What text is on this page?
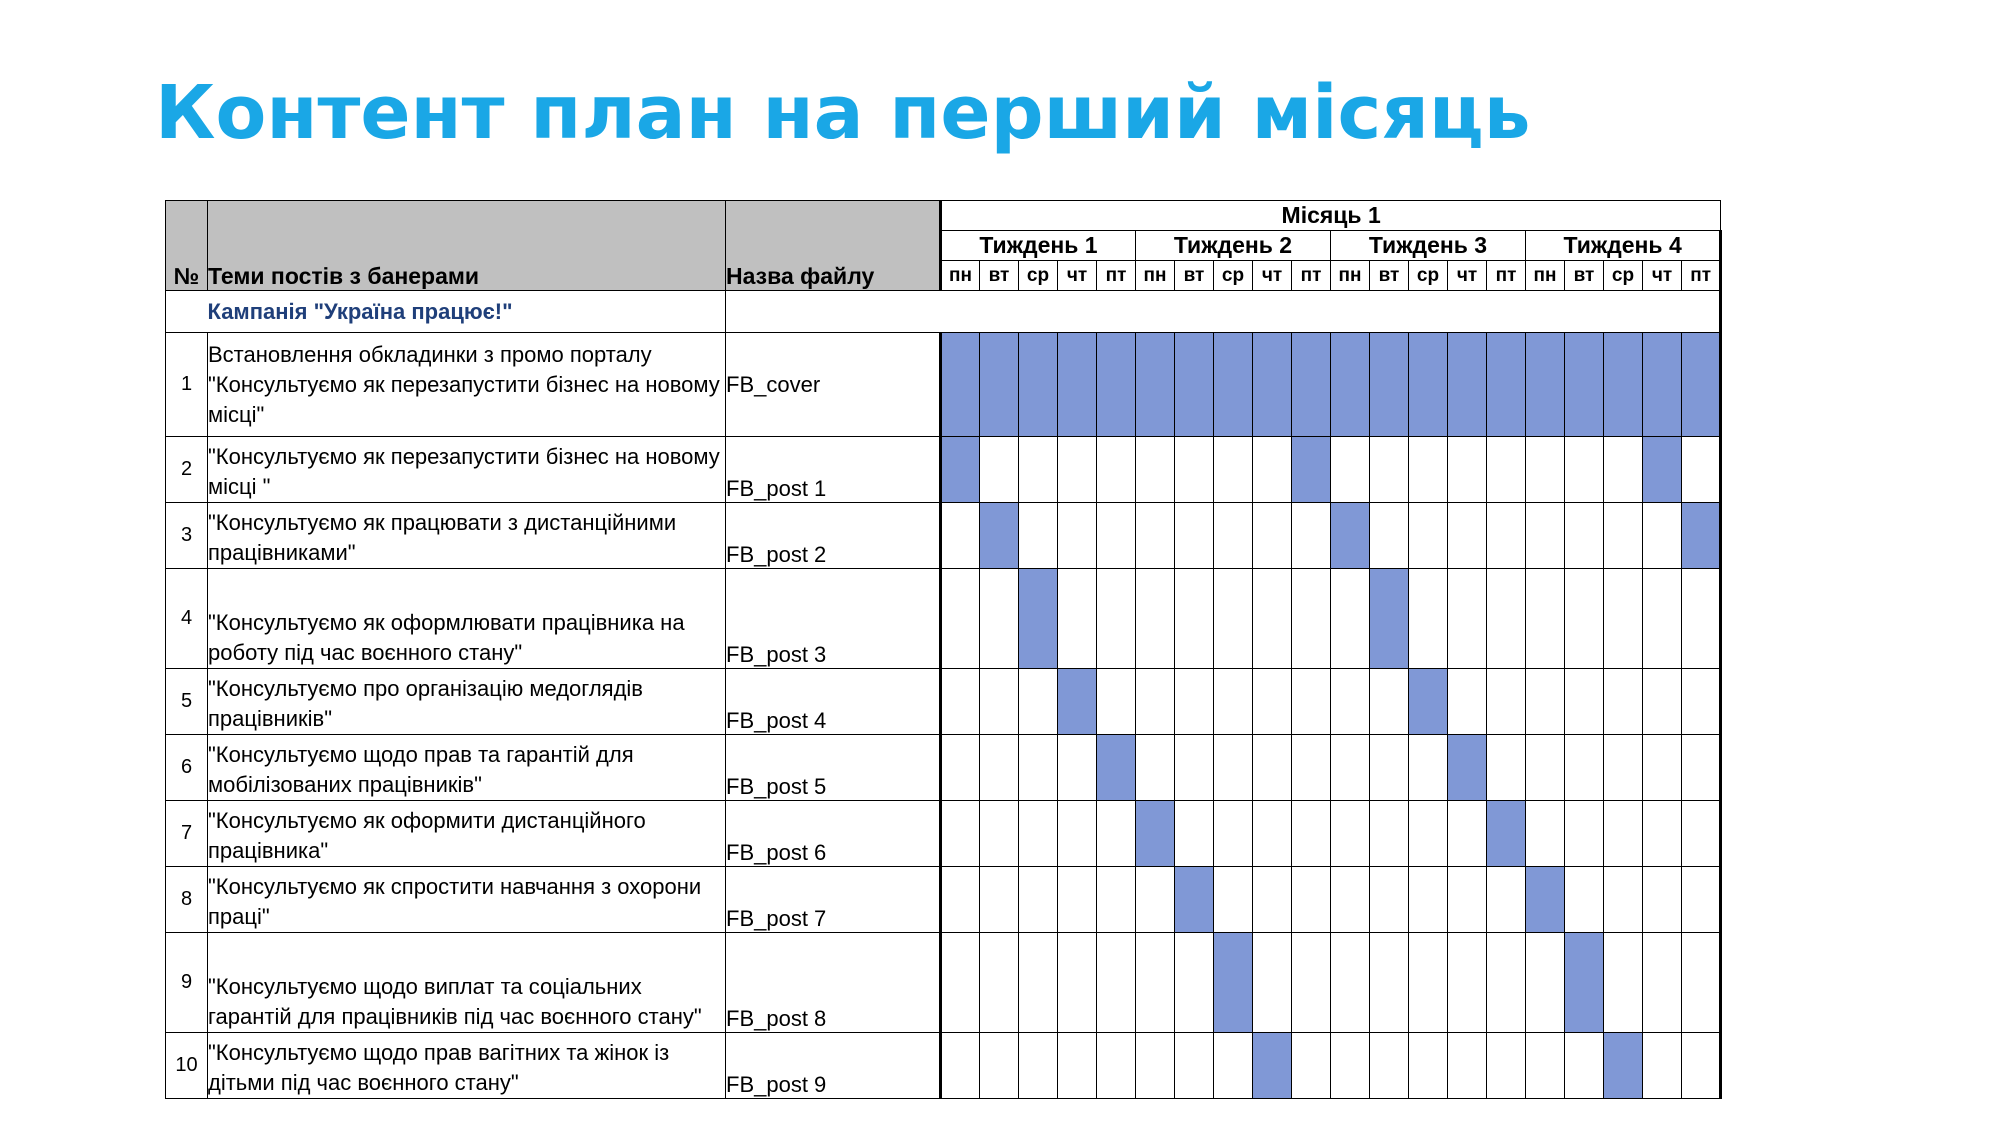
Контент план на перший місяць
№	Теми постів з банерами	Назва файлу	Місяць 1																			
			Тиждень 1					Тиждень 2					Тиждень 3					Тиждень 4				
			пн	вт	ср	чт	пт	пн	вт	ср	чт	пт	пн	вт	ср	чт	пт	пн	вт	ср	чт	пт
	Кампанія "Україна працює!"																					
1	Встановлення обкладинки з промо порталу "Консультуємо як перезапустити бізнес на новому місці"	FB_cover																				
2	"Консультуємо як перезапустити бізнес на новому місці "	FB_post 1																				
3	"Консультуємо як працювати з дистанційними працівниками"	FB_post 2																				
4	"Консультуємо як оформлювати працівника на роботу під час воєнного стану"	FB_post 3																				
5	"Консультуємо про організацію медоглядів працівників"	FB_post 4																				
6	"Консультуємо щодо прав та гарантій для мобілізованих працівників"	FB_post 5																				
7	"Консультуємо як оформити дистанційного працівника"	FB_post 6																				
8	"Консультуємо як спростити навчання з охорони праці"	FB_post 7																				
9	"Консультуємо щодо виплат та соціальних гарантій для працівників під час воєнного стану"	FB_post 8																				
10	"Консультуємо щодо прав вагітних та жінок із дітьми під час воєнного стану"	FB_post 9																				
